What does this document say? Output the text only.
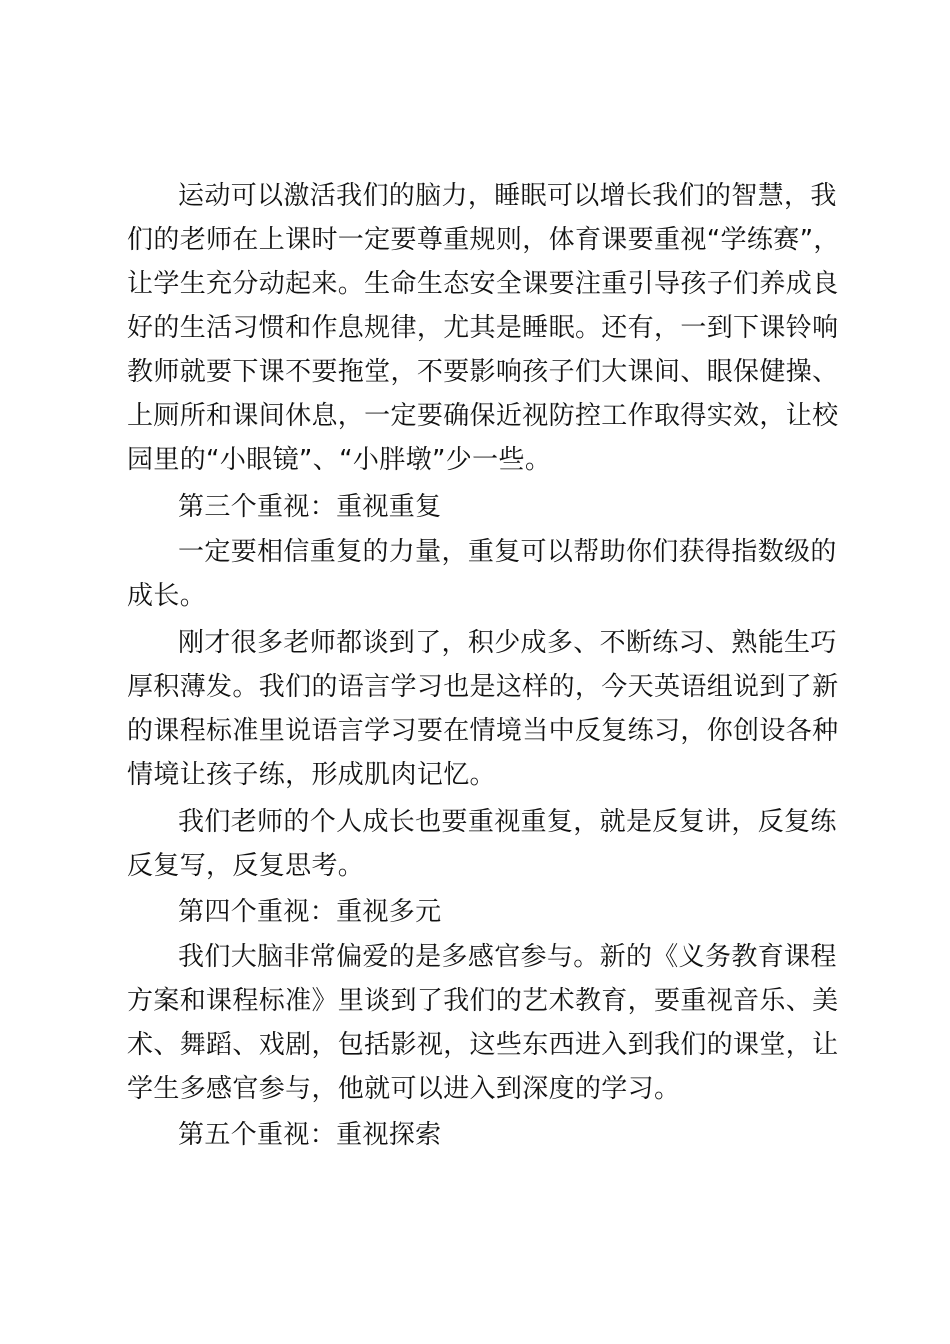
运动可以激活我们的脑力，睡眠可以增长我们的智慧，我
们的老师在上课时一定要尊重规则，体育课要重视“学练赛”，
让学生充分动起来。生命生态安全课要注重引导孩子们养成良
好的生活习惯和作息规律，尤其是睡眠。还有，一到下课铃响
教师就要下课不要拖堂，不要影响孩子们大课间、眼保健操、
上厕所和课间休息，一定要确保近视防控工作取得实效，让校
园里的“小眼镜”、“小胖墩”少一些。
第三个重视：重视重复
一定要相信重复的力量，重复可以帮助你们获得指数级的
成长。
刚才很多老师都谈到了，积少成多、不断练习、熟能生巧
厚积薄发。我们的语言学习也是这样的，今天英语组说到了新
的课程标准里说语言学习要在情境当中反复练习，你创设各种
情境让孩子练，形成肌肉记忆。
我们老师的个人成长也要重视重复，就是反复讲，反复练
反复写，反复思考。
第四个重视：重视多元
我们大脑非常偏爱的是多感官参与。新的《义务教育课程
方案和课程标准》里谈到了我们的艺术教育，要重视音乐、美
术、舞蹈、戏剧，包括影视，这些东西进入到我们的课堂，让
学生多感官参与，他就可以进入到深度的学习。
第五个重视：重视探索
